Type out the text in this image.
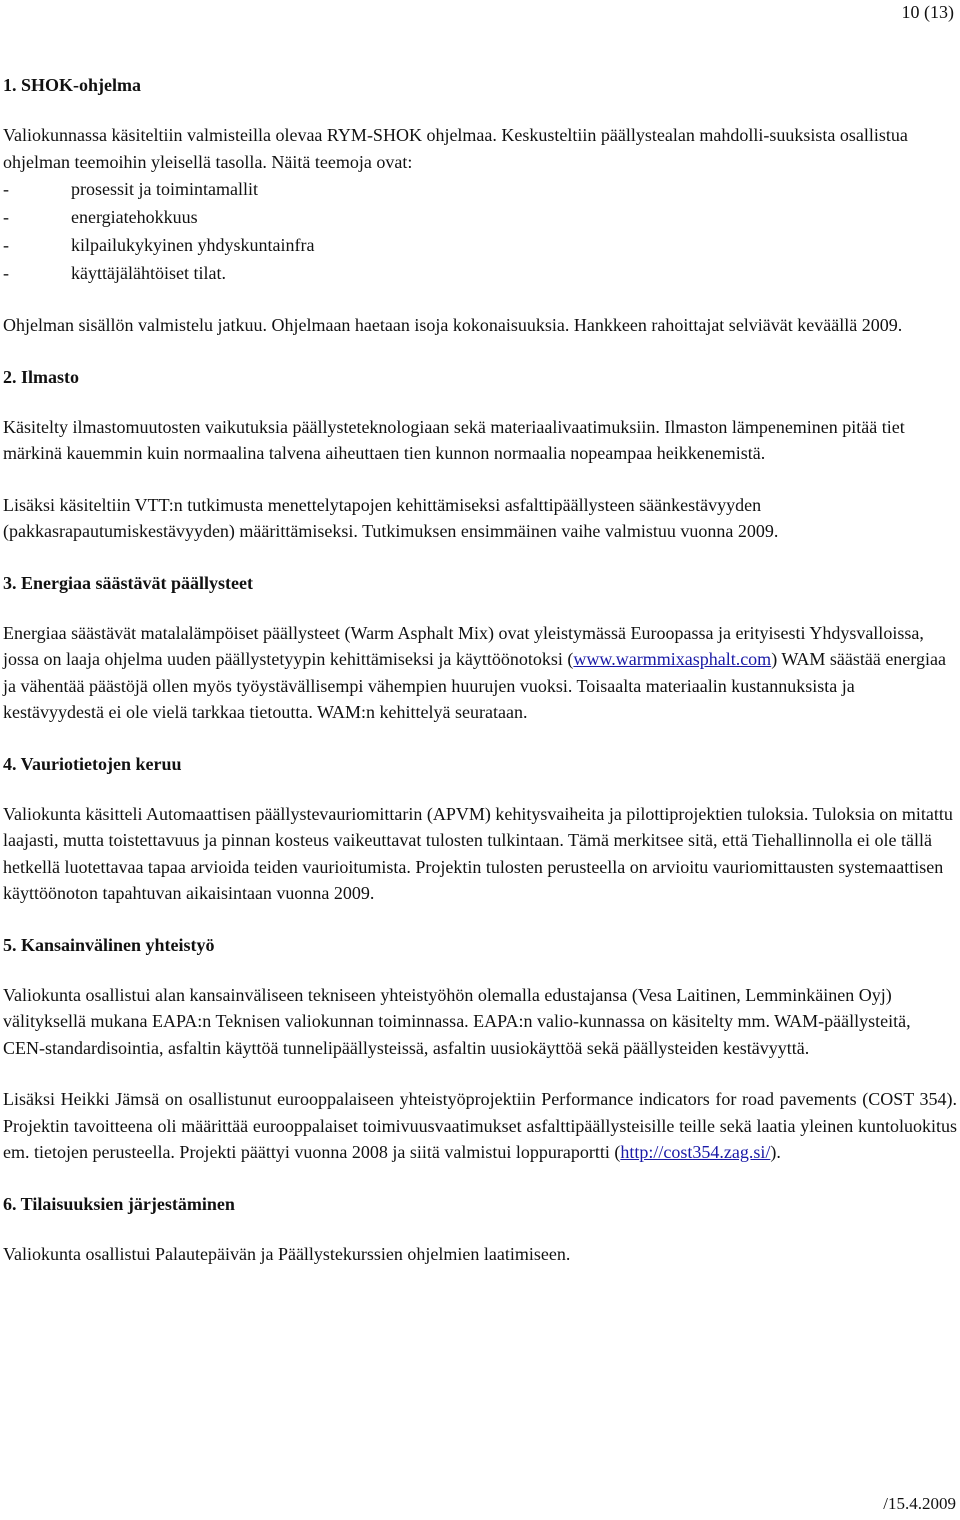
10 (13)
1. SHOK-ohjelma

Valiokunnassa käsiteltiin valmisteilla olevaa RYM-SHOK ohjelmaa. Keskusteltiin päällystealan mahdolli-suuksista osallistua ohjelman teemoihin yleisellä tasolla. Näitä teemoja ovat:

-	prosessit ja toimintamallit
-	energiatehokkuus
-	kilpailukykyinen yhdyskuntainfra
-	käyttäjälähtöiset tilat.

Ohjelman sisällön valmistelu jatkuu. Ohjelmaan haetaan isoja kokonaisuuksia. Hankkeen rahoittajat selviävät keväällä 2009.

2. Ilmasto

Käsitelty ilmastomuutosten vaikutuksia päällysteteknologiaan sekä materiaalivaatimuksiin. Ilmaston lämpeneminen pitää tiet märkinä kauemmin kuin normaalina talvena aiheuttaen tien kunnon normaalia nopeampaa heikkenemistä.

Lisäksi käsiteltiin VTT:n tutkimusta menettelytapojen kehittämiseksi asfalttipäällysteen säänkestävyyden (pakkasrapautumiskestävyyden) määrittämiseksi. Tutkimuksen ensimmäinen vaihe valmistuu vuonna 2009.

3. Energiaa säästävät päällysteet

Energiaa säästävät matalalämpöiset päällysteet (Warm Asphalt Mix) ovat yleistymässä Euroopassa ja erityisesti Yhdysvalloissa, jossa on laaja ohjelma uuden päällystetyypin kehittämiseksi ja käyttöönotoksi (www.warmmixasphalt.com) WAM säästää energiaa ja vähentää päästöjä ollen myös työystävällisempi vähempien huurujen vuoksi. Toisaalta materiaalin kustannuksista ja kestävyydestä ei ole vielä tarkkaa tietoutta. WAM:n kehittelyä seurataan.

4. Vauriotietojen keruu

Valiokunta käsitteli Automaattisen päällystevauriomittarin (APVM) kehitysvaiheita ja pilottiprojektien tuloksia. Tuloksia on mitattu laajasti, mutta toistettavuus ja pinnan kosteus vaikeuttavat tulosten tulkintaan. Tämä merkitsee sitä, että Tiehallinnolla ei ole tällä hetkellä luotettavaa tapaa arvioida teiden vaurioitumista. Projektin tulosten perusteella on arvioitu vauriomittausten systemaattisen käyttöönoton tapahtuvan aikaisintaan vuonna 2009.

5. Kansainvälinen yhteistyö

Valiokunta osallistui alan kansainväliseen tekniseen yhteistyöhön olemalla edustajansa (Vesa Laitinen, Lemminkäinen Oyj) välityksellä mukana EAPA:n Teknisen valiokunnan toiminnassa. EAPA:n valio-kunnassa on käsitelty mm. WAM-päällysteitä, CEN-standardisointia, asfaltin käyttöä tunnelipäällysteissä, asfaltin uusiokäyttöä sekä päällysteiden kestävyyttä.

Lisäksi Heikki Jämsä on osallistunut eurooppalaiseen yhteistyöprojektiin Performance indicators for road pavements (COST 354). Projektin tavoitteena oli määrittää eurooppalaiset toimivuusvaatimukset asfalttipäällysteisille teille sekä laatia yleinen kuntoluokitus em. tietojen perusteella. Projekti päättyi vuonna 2008 ja siitä valmistui loppuraportti (http://cost354.zag.si/).

6. Tilaisuuksien järjestäminen

Valiokunta osallistui Palautepäivän ja Päällystekurssien ohjelmien laatimiseen.

/15.4.2009
